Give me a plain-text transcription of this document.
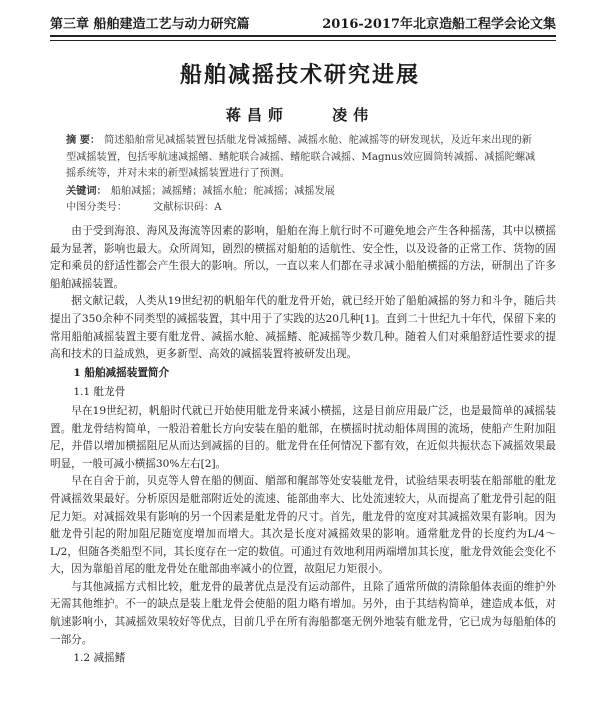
第三章 船舶建造工艺与动力研究篇	2016-2017年北京造船工程学会论文集
船舶减摇技术研究进展
蒋昌师	凌伟

摘 要： 简述船舶常见减摇装置包括舭龙骨减摇鳍、减摇水舱、舵减摇等的研发现状，及近年来出现的新型减摇装置，包括零航速减摇鳍、鳍舵联合减摇、鳍舵联合减摇、Magnus效应圆筒转减摇、减摇陀螺减摇系统等，并对未来的新型减摇装置进行了预测。

关键词： 船舶减摇；减摇鳍；减摇水舱；舵减摇；减摇发展

中图分类号：	文献标识码：A

由于受到海浪、海风及海流等因素的影响，船舶在海上航行时不可避免地会产生各种摇荡，其中以横摇最为显著，影响也最大。众所周知，剧烈的横摇对船舶的适航性、安全性，以及设备的正常工作、货物的固定和乘员的舒适性都会产生很大的影响。所以，一直以来人们都在寻求减小船舶横摇的方法，研制出了许多船舶减摇装置。

据文献记载，人类从19世纪初的帆船年代的舭龙骨开始，就已经开始了船舶减摇的努力和斗争，随后共提出了350余种不同类型的减摇装置，其中用于了实践的达20几种[1]。直到二十世纪九十年代，保留下来的常用船舶减摇装置主要有舭龙骨、减摇水舱、减摇鳍、舵减摇等少数几种。随着人们对乘船舒适性要求的提高和技术的日益成熟，更多新型、高效的减摇装置将被研发出现。

1 船舶减摇装置简介
1.1 舭龙骨

早在19世纪初，帆船时代就已开始使用舭龙骨来减小横摇，这是目前应用最广泛，也是最简单的减摇装置。舭龙骨结构简单，一般沿着舭长方向安装在船的舭部，在横摇时扰动船体周围的流场，使船产生附加阻尼，并借以增加横摇阻尼从而达到减摇的目的。舭龙骨在任何情况下都有效，在近似共振状态下减摇效果最明显，一般可减小横摇30%左右[2]。

早在自舍于前，贝克等人曾在船的侧面、艏部和艉部等处安装舭龙骨，试验结果表明装在船部舭的舭龙骨减摇效果最好。分析原因是舭部附近处的流速、能部曲率大、比处流速较大，从而提高了舭龙骨引起的阻尼力矩。对减摇效果有影响的另一个因素是舭龙骨的尺寸。首先，舭龙骨的宽度对其减摇效果有影响。因为舭龙骨引起的附加阻尼随宽度增加而增大。其次是长度对减摇效果的影响。通常舭龙骨的长度约为L/4～L/2，但随各类船型不同，其长度存在一定的数值。可通过有效地利用两端增加其长度，舭龙骨效能会变化不大，因为靠船首尾的舭龙骨处在舭部曲率减小的位置，故阻尼力矩很小。

与其他减摇方式相比较，舭龙骨的最著优点是没有运动部件，且除了通常所做的清除船体表面的维护外无需其他维护。不一的缺点是装上舭龙骨会使船的阻力略有增加。另外，由于其结构简单，建造成本低，对航速影响小，其减摇效果较好等优点，目前几乎在所有海船都毫无例外地装有舭龙骨，它已成为每船舶体的一部分。

1.2 减摇鳍
